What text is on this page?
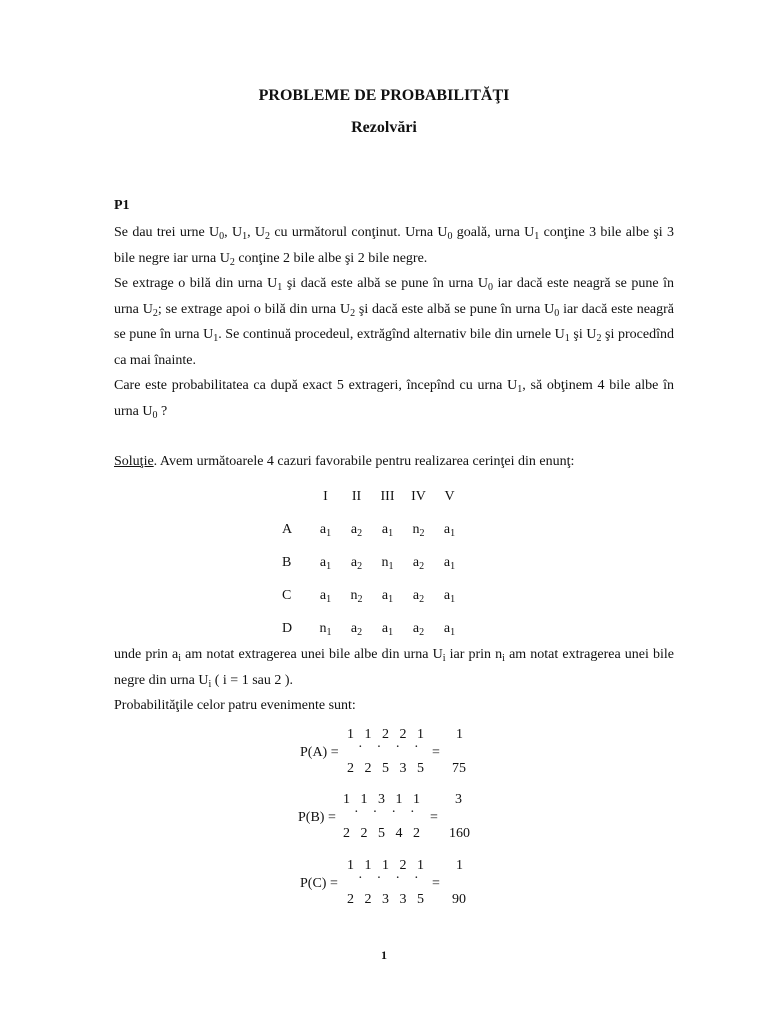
PROBLEME DE PROBABILITĂŢI
Rezolvări
P1

Se dau trei urne $U_0$, $U_1$, $U_2$ cu următorul conţinut. Urna $U_0$ goală, urna $U_1$ conţine 3 bile albe şi 3 bile negre iar urna $U_2$ conţine 2 bile albe şi 2 bile negre.

Se extrage o bilă din urna $U_1$ şi dacă este albă se pune în urna $U_0$ iar dacă este neagră se pune în urna $U_2$; se extrage apoi o bilă din urna $U_2$ şi dacă este albă se pune în urna $U_0$ iar dacă este neagră se pune în urna $U_1$. Se continuă procedeul, extrăgînd alternativ bile din urnele $U_1$ şi $U_2$ şi procedînd ca mai înainte.

Care este probabilitatea ca după exact 5 extrageri, începînd cu urna $U_1$, să obţinem 4 bile albe în urna $U_0$ ?

Soluţie. Avem următoarele 4 cazuri favorabile pentru realizarea cerinţei din enunţ:

	I	II	III	IV	V
A	$a_1$	$a_2$	$a_1$	$n_2$	$a_1$
B	$a_1$	$a_2$	$n_1$	$a_2$	$a_1$
C	$a_1$	$n_2$	$a_1$	$a_2$	$a_1$
D	$n_1$	$a_2$	$a_1$	$a_2$	$a_1$

unde prin $a_i$ am notat extragerea unei bile albe din urna $U_i$ iar prin $n_i$ am notat extragerea unei bile negre din urna $U_i$ ( i = 1 sau 2 ).

Probabilităţile celor patru evenimente sunt:

P(A) =
1   1   2   2   1
·    ·    ·    ·
2   2   5   3   5
=
1
75
P(B) =
1   1   3   1   1
·    ·    ·    ·
2   2   5   4   2
=
3
160
P(C) =
1   1   1   2   1
·    ·    ·    ·
2   2   3   3   5
=
1
90
1
